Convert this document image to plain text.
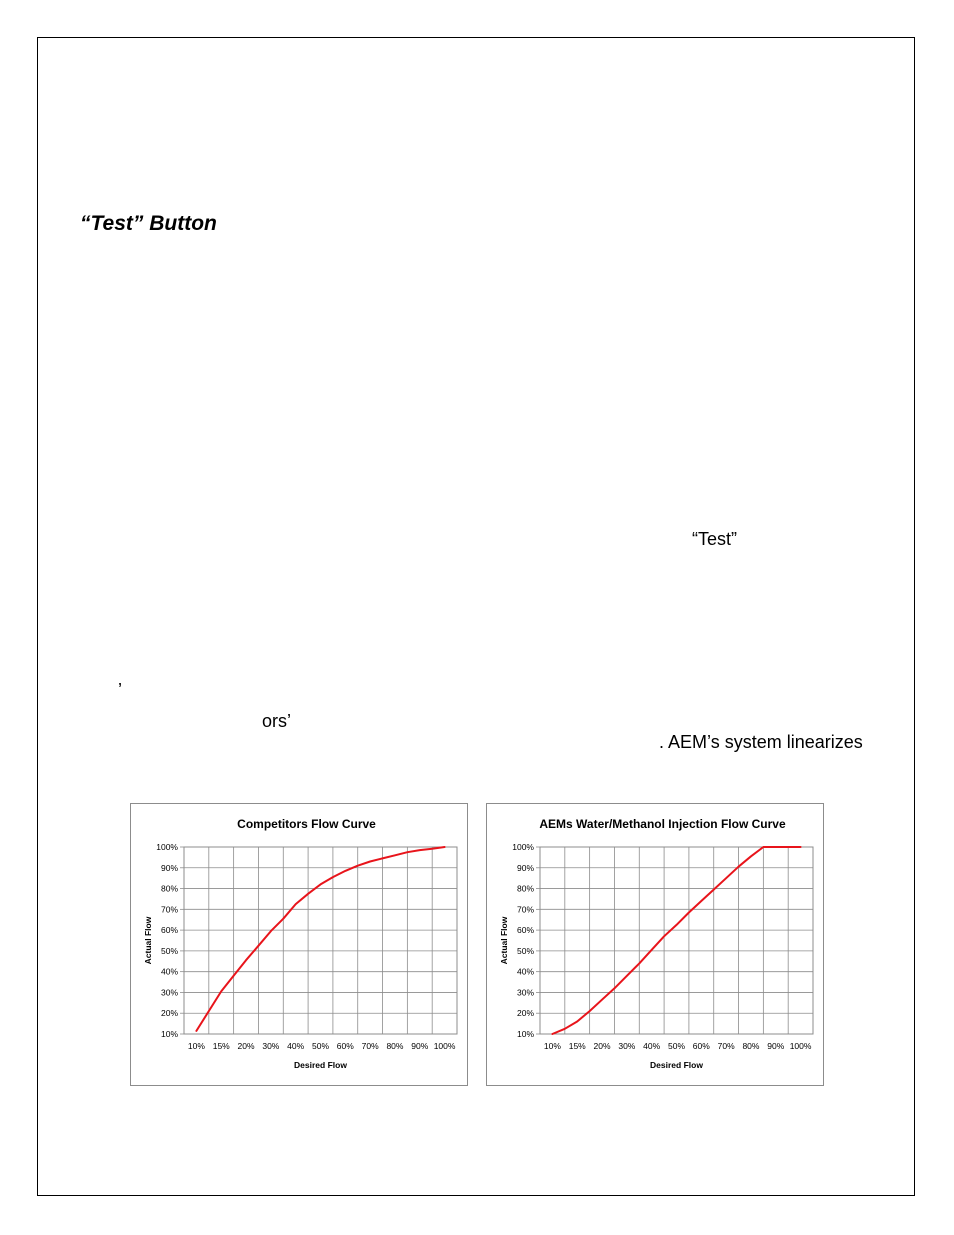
“Test” Button
“Test”
’
ors’
. AEM’s system linearizes
Competitors Flow Curve
10%
20%
30%
40%
50%
60%
70%
80%
90%
100%
10% 15% 20% 30% 40% 50% 60% 70% 80% 90% 100%
Desired Flow
Actual Flow
AEMs Water/Methanol Injection Flow Curve
10%
20%
30%
40%
50%
60%
70%
80%
90%
100%
10% 15% 20% 30% 40% 50% 60% 70% 80% 90% 100%
Desired Flow
Actual Flow
